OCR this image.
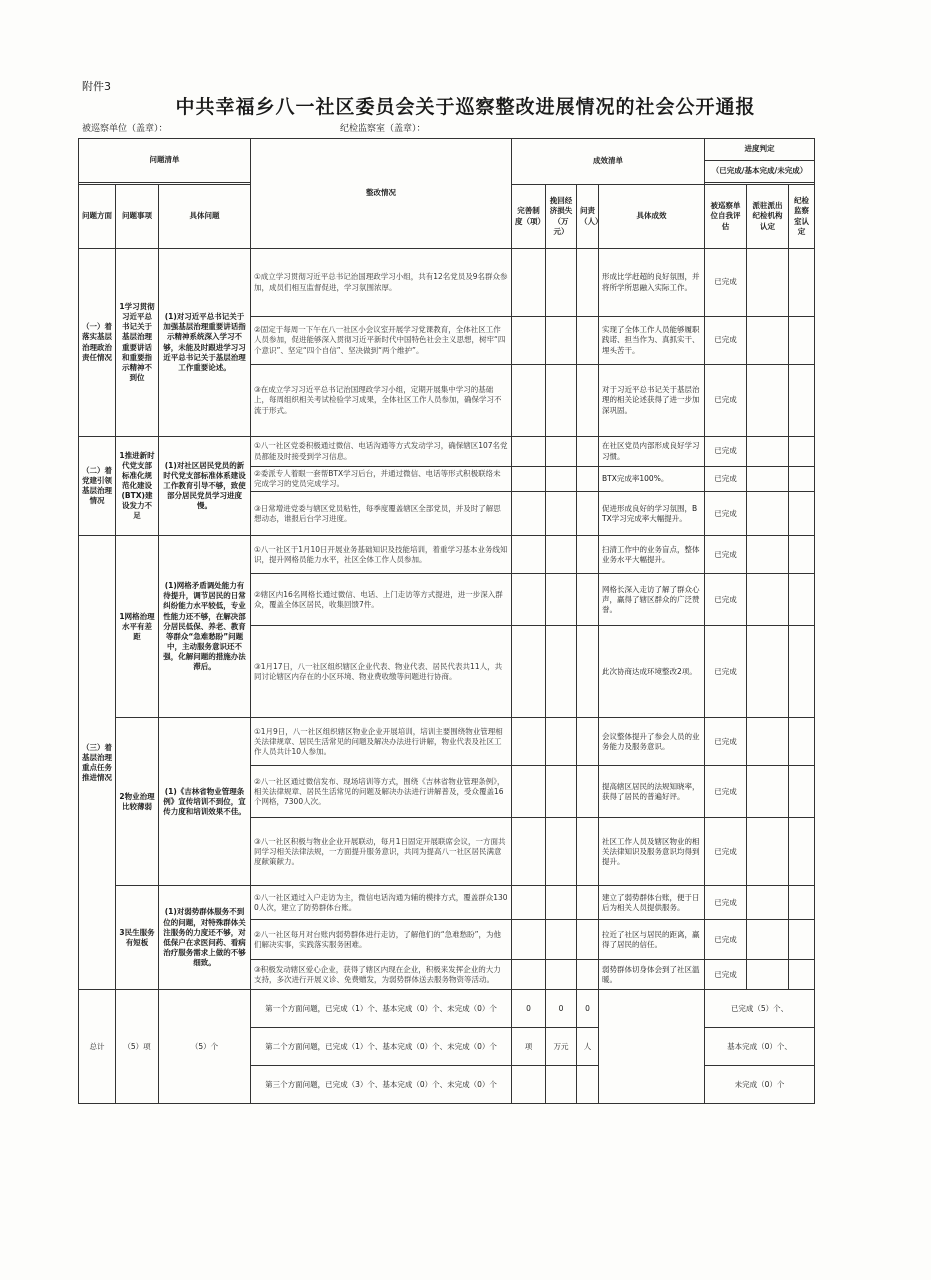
附件3
中共幸福乡八一社区委员会关于巡察整改进展情况的社会公开通报
被巡察单位（盖章）：	纪检监察室（盖章）：
问题清单			整改情况	成效清单				进度判定		
								（已完成/基本完成/未完成）		

问题方面	问题事项	具体问题		完善制度（项）	挽回经济损失（万元）	问责（人）	具体成效	被巡察单位自我评估	派驻派出纪检机构认定	纪检监察室认定
（一）着落实基层治理政治责任情况	1学习贯彻习近平总书记关于基层治理重要讲话和重要指示精神不到位	(1)对习近平总书记关于加强基层治理重要讲话指示精神系统深入学习不够，未能及时跟进学习习近平总书记关于基层治理工作重要论述。	①成立学习贯彻习近平总书记治国理政学习小组，共有12名党员及9名群众参加，成员们相互监督促进，学习氛围浓厚。				形成比学赶超的良好氛围，并将所学所思融入实际工作。	已完成		
			②固定于每周一下午在八一社区小会议室开展学习党课教育，全体社区工作人员参加，促进能够深入贯彻习近平新时代中国特色社会主义思想，树牢“四个意识”、坚定“四个自信”、坚决做到“两个维护”。				实现了全体工作人员能够履职践诺、担当作为、真抓实干、埋头苦干。	已完成		
			③在成立学习习近平总书记治国理政学习小组，定期开展集中学习的基础上，每周组织相关考试检验学习成果，全体社区工作人员参加，确保学习不流于形式。				对于习近平总书记关于基层治理的相关论述获得了进一步加深巩固。	已完成		
（二）着党建引领基层治理情况	1推进新时代党支部标准化规范化建设(BTX)建设发力不足	(1)对社区居民党员的新时代党支部标准体系建设工作教育引导不够，致使部分居民党员学习进度慢。	①八一社区党委积极通过微信、电话沟通等方式发动学习，确保辖区107名党员都能及时接受到学习信息。				在社区党员内部形成良好学习习惯。	已完成		
			②委派专人着眼一套帮BTX学习后台，并通过微信、电话等形式积极联络未完成学习的党员完成学习。				BTX完成率100%。	已完成		
			③日常增进党委与辖区党员粘性，每季度覆盖辖区全部党员，并及时了解思想动态，谁报后台学习进度。				促进形成良好的学习氛围，BTX学习完成率大幅提升。	已完成		
（三）着基层治理重点任务推进情况	1网格治理水平有差距	(1)网格矛盾调处能力有待提升，调节居民的日常纠纷能力水平较低，专业性能力还不够，在解决部分居民低保、养老、教育等群众“急难愁盼”问题中，主动服务意识还不强，化解问题的措施办法滞后。	①八一社区于1月10日开展业务基础知识及技能培训，着重学习基本业务线知识，提升网格员能力水平，社区全体工作人员参加。				扫清工作中的业务盲点，整体业务水平大幅提升。	已完成		
			②辖区内16名网格长通过微信、电话、上门走访等方式提进，进一步深入群众，覆盖全体区居民，收集回馈7件。				网格长深入走访了解了群众心声，赢得了辖区群众的广泛赞誉。	已完成		
			③1月17日，八一社区组织辖区企业代表、物业代表、居民代表共11人，共同讨论辖区内存在的小区环境、物业费收缴等问题进行协商。				此次协商达成环境整改2项。	已完成		
	2物业治理比较薄弱	(1)《吉林省物业管理条例》宣传培训不到位，宣传力度和培训效果不佳。	①1月9日，八一社区组织辖区物业企业开展培训，培训主要围绕物业管理相关法律规章、居民生活常见的问题及解决办法进行讲解，物业代表及社区工作人员共计10人参加。				会议整体提升了参会人员的业务能力及服务意识。	已完成		
			②八一社区通过微信发布、现场培训等方式，围绕《吉林省物业管理条例》，相关法律规章、居民生活常见的问题及解决办法进行讲解普及，受众覆盖16个网格，7300人次。				提高辖区居民的法规知晓率，获得了居民的普遍好评。	已完成		
			③八一社区积极与物业企业开展联动，每月1日固定开展联席会议，一方面共同学习相关法律法规，一方面提升服务意识，共同为提高八一社区居民满意度献策献力。				社区工作人员及辖区物业的相关法律知识及服务意识均得到提升。	已完成		
	3民生服务有短板	(1)对弱势群体服务不到位的问题，对特殊群体关注服务的力度还不够，对低保户在求医问药、看病治疗服务需求上做的不够细致。	①八一社区通过入户走访为主，微信电话沟通为辅的模排方式，覆盖群众1300人次，建立了防势群体台账。				建立了弱势群体台账，便于日后为相关人员提供服务。	已完成		
			②八一社区每月对台账内弱势群体进行走访，了解他们的“急难愁盼”，为他们解决实事，实践落实服务困难。				拉近了社区与居民的距离，赢得了居民的信任。	已完成		
			③积极发动辖区爱心企业，获得了辖区内现在企业，积极来发挥企业的大力支持，多次进行开展义诊、免费赠发，为弱势群体送去服务物资等活动。				弱势群体切身体会到了社区温暖。	已完成		
总计	（5）项	（5）个	第一个方面问题，已完成（1）个、基本完成（0）个、未完成（0）个	0	0	0		已完成（5）个、		
			第二个方面问题，已完成（1）个、基本完成（0）个、未完成（0）个	项	万元	人		基本完成（0）个、		
			第三个方面问题，已完成（3）个、基本完成（0）个、未完成（0）个					未完成（0）个		
